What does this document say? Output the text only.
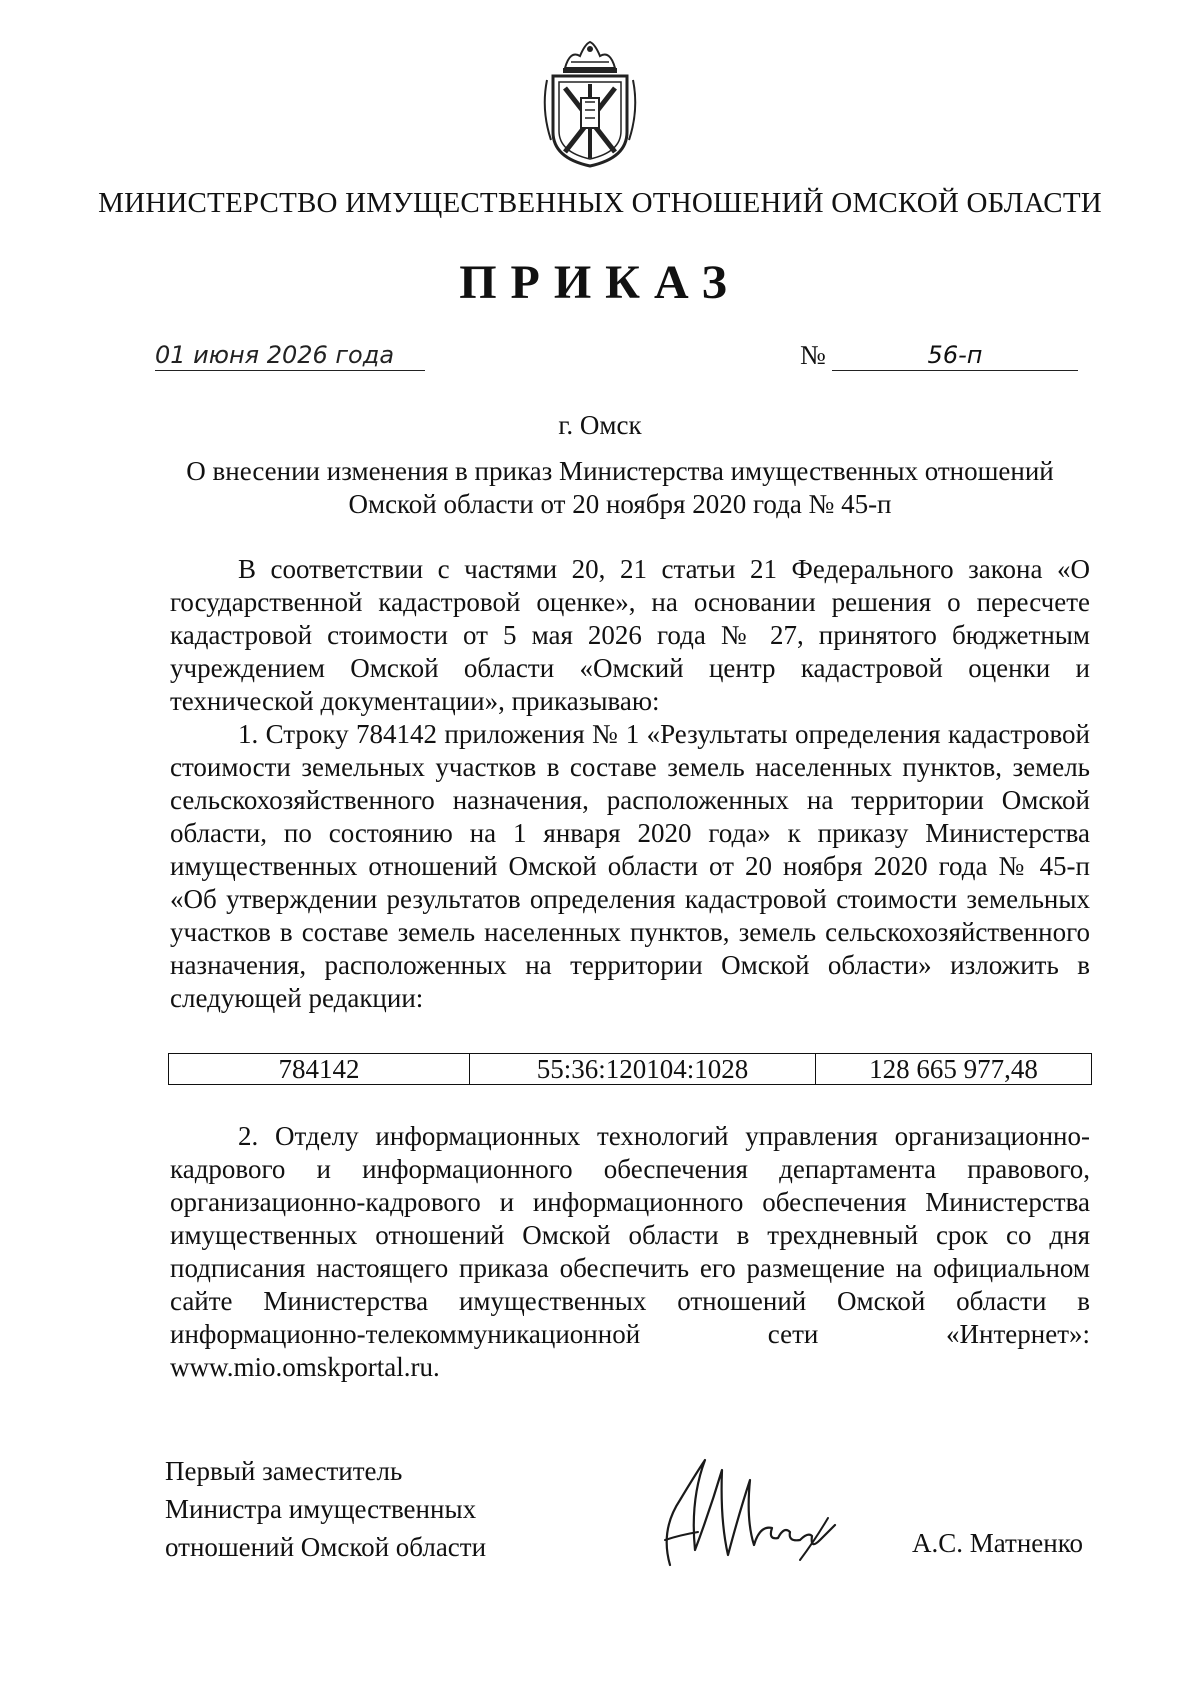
МИНИСТЕРСТВО ИМУЩЕСТВЕННЫХ ОТНОШЕНИЙ ОМСКОЙ ОБЛАСТИ
ПРИКАЗ
01 июня 2026 года	№	56-п
г. Омск
О внесении изменения в приказ Министерства имущественных отношений
Омской области от 20 ноября 2020 года № 45-п
В соответствии с частями 20, 21 статьи 21 Федерального закона «О государственной кадастровой оценке», на основании решения о пересчете кадастровой стоимости от 5 мая 2026 года № 27, принятого бюджетным учреждением Омской области «Омский центр кадастровой оценки и технической документации», приказываю:
1. Строку 784142 приложения № 1 «Результаты определения кадастровой стоимости земельных участков в составе земель населенных пунктов, земель сельскохозяйственного назначения, расположенных на территории Омской области, по состоянию на 1 января 2020 года» к приказу Министерства имущественных отношений Омской области от 20 ноября 2020 года № 45-п «Об утверждении результатов определения кадастровой стоимости земельных участков в составе земель населенных пунктов, земель сельскохозяйственного назначения, расположенных на территории Омской области» изложить в следующей редакции:
784142	55:36:120104:1028	128 665 977,48
2. Отделу информационных технологий управления организационно-кадрового и информационного обеспечения департамента правового, организационно-кадрового и информационного обеспечения Министерства имущественных отношений Омской области в трехдневный срок со дня подписания настоящего приказа обеспечить его размещение на официальном сайте Министерства имущественных отношений Омской области в информационно-телекоммуникационной сети «Интернет»: www.mio.omskportal.ru.
Первый заместитель
Министра имущественных
отношений Омской области	А.С. Матненко
